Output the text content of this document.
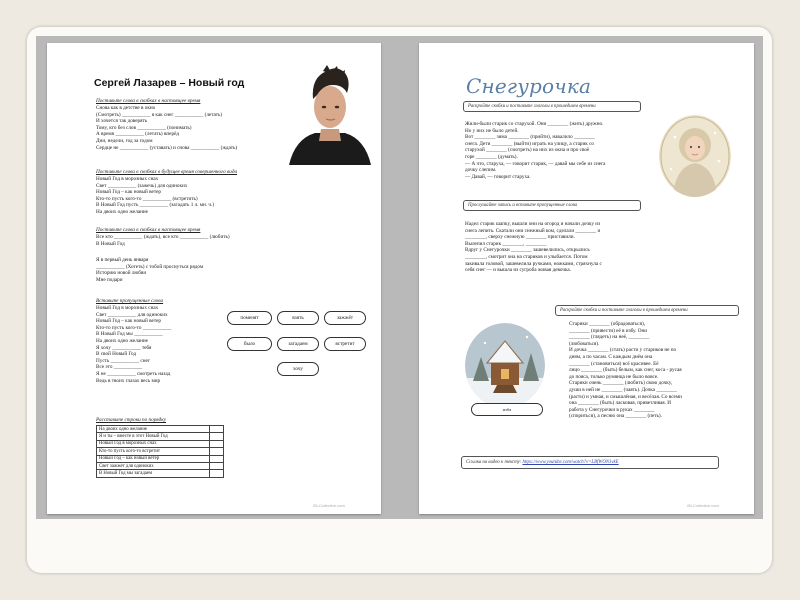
Сергей Лазарев – Новый год
Поставьте слова в скобках в настоящее время
Снова как в детстве в окно
(Смотреть) ___________ я как снег ___________ (летать)
И хочется так доверять
Тому, кто без слов ___________ (понимать)
А время ___________ (летать) вперёд
Дни, недели, год за годом
Сердце не ___________ (уставать) и снова ___________ (ждать)
Поставьте слова в скобках в будущее время совершенного вида
Новый Год в морозных снах
Свет ___________ (зажечь) для одиноких
Новый Год – как новый ветер
Кто-то пусть кого-то ___________ (встретить)
В Новый Год пусть ___________ (загадать 1 л. мн. ч.)
На двоих одно желание
Поставьте слова в скобках в настоящее время
Все кто ___________ (ждать), все кто ___________ (любить)
В Новый Год
Я в первый день января
___________ (Хотеть) с тобой проснуться рядом
Историю новой любви
Мне подари
Вставьте пропущенные слова
Новый Год в морозных снах
Свет ___________ для одиноких
Новый Год – как новый ветер
Кто-то пусть кого-то ___________
В Новый Год мы ___________
На двоих одно желание
Я хочу ___________ тебя
В свой Новый Год
Пусть ___________ снег
Все это ___________
Я не ___________ смотреть назад
Ведь в твоих глазах весь мир
поменят	взять	зажжёт
было	загадаем	встретит
хочу
Расставьте строки по порядку
На двоих одно желание	
Я и ты – вместе в этот Новый Год	
Новый Год в морозных снах	
Кто-то пусть кого-то встретит	
Новый Год – как новый ветер	
Свет зажжет для одиноких	
В Новый Год мы загадаем	
iSLCollective.com
Снегурочка
Раскройте скобки и поставьте глаголы в прошедшем времени
Жили-были старик со старухой. Они ________ (жить) дружно.
Но у них не было детей.
Вот ________ зима ________ (прийти), навалило ________
снега. Дети ________ (выйти) играть на улицу, а старик со
старухой ________ (смотреть) на них из окна и про своё
горе ________ (думать).
— А что, старуха, — говорит старик, — давай мы себе из снега
дочку слепим.
— Давай, — говорит старуха.
Прослушайте запись и вставьте пропущенные слова
Надел старик шапку, вышли они на огород и начали дочку из
снега лепить. Скатали они снежный ком, сделали ________ и
________, сверху снежную ________ приставили.
Вылепил старик ________, ________
Вдруг у Снегурочки ________ зашевелились, открылись
________, смотрит она на стариков и улыбается. Потом
закивала головой, зашевелила ручками, ножками, стряхнула с
себя снег — и вышла из сугроба живая девочка.
Раскройте скобки и поставьте глаголы в прошедшем времени
изба
Старики ________ (обрадоваться),
________ (привести) её в избу. Они
________ (глядеть) на неё, ________
(любоваться).
И дочка ________ (стать) расти у стариков не по
дням, а по часам. С каждым днём она
________ (становиться) всё красивее. Её
лицо ________ (быть) белым, как снег, коса - русая
до пояса, только румянца не было вовсе.
Старики очень ________ (любить) свою дочку,
души в ней не ________ (чаять). Дочка ________
(расти) и умная, и смышлёная, и весёлая. Со всеми
она ________ (быть) ласковая, приветливая. И
работа у Снегурочки в руках ________
(спориться), а песню она ________ (петь).
Ссылка на видео к тексту: https://www.youtube.com/watch?v=LBfWON1vkE
iSLCollective.com
